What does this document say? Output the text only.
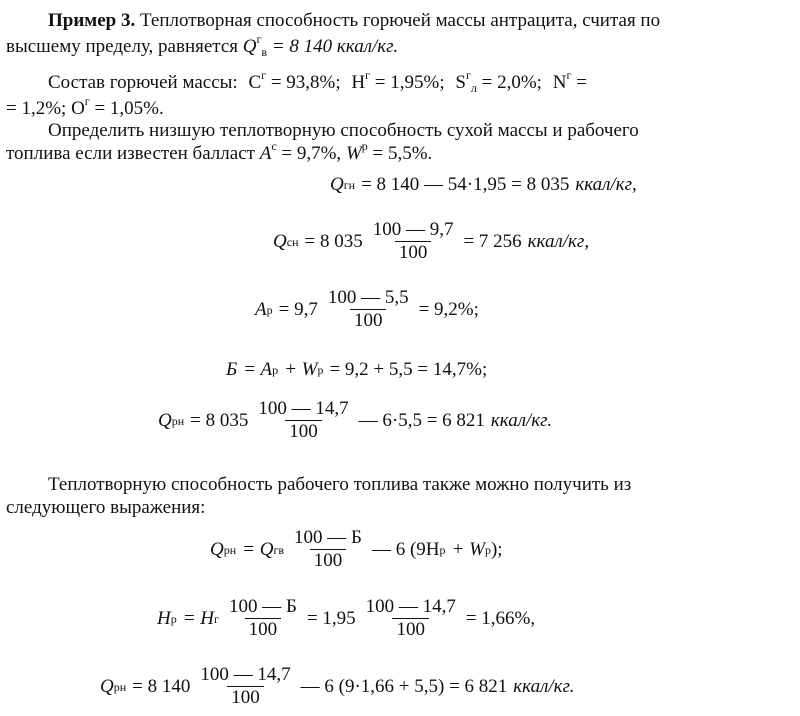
Пример 3. Теплотворная способность горючей массы антрацита, считая по
высшему пределу, равняется $Q^г_в = 8$ 140 ккал/кг.
Состав горючей массы: $C^г = 93,8\%$; $H^г = 1,95\%$; $S^г_л = 2,0\%$; $N^г$ =
= 1,2%; $O^г = 1,05\%$.
Определить низшую теплотворную способность сухой массы и рабочего
топлива если известен балласт $A^с = 9,7\%$, $W^р = 5,5\%$.
Q г н = 8 140 — 54·1,95 = 8 035 ккал/кг,
Q с н = 8 $035 \frac{100 — 9,7}{100} = 7$ 256 ккал/кг,
A $р = 9,7 \frac{100 — 5,5}{100} = 9,2\%$;
Б = A р + W р = 9,2 + 5,5 = 14,7%;
Q р н = 8 $035 \frac{100 — 14,7}{100}$ — 6·5,5 = 6 821 ккал/кг.
Теплотворную способность рабочего топлива также можно получить из
следующего выражения:
Q р н = Q г в $\frac{100 — Б}{100}$ — 6 (9H р + W р );
H р = H г $\frac{100 — Б}{100} = 1,95 \frac{100 — 14,7}{100} = 1,66\%$,
Q р н = 8 $140 \frac{100 — 14,7}{100}$ — 6 (9·1,66 + 5,5) = 6 821 ккал/кг.
